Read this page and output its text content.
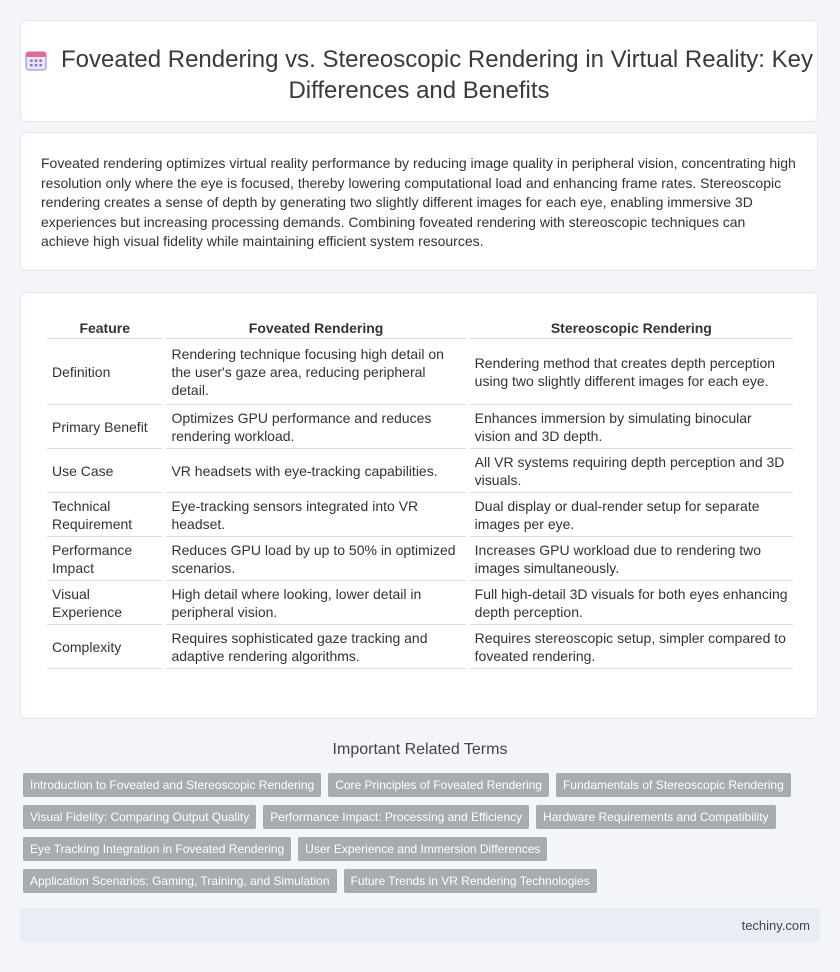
Foveated Rendering vs. Stereoscopic Rendering in Virtual Reality: Key Differences and Benefits

Foveated rendering optimizes virtual reality performance by reducing image quality in peripheral vision, concentrating high resolution only where the eye is focused, thereby lowering computational load and enhancing frame rates. Stereoscopic rendering creates a sense of depth by generating two slightly different images for each eye, enabling immersive 3D experiences but increasing processing demands. Combining foveated rendering with stereoscopic techniques can achieve high visual fidelity while maintaining efficient system resources.

Feature	Foveated Rendering	Stereoscopic Rendering
Definition	Rendering technique focusing high detail on the user's gaze area, reducing peripheral detail.	Rendering method that creates depth perception using two slightly different images for each eye.
Primary Benefit	Optimizes GPU performance and reduces rendering workload.	Enhances immersion by simulating binocular vision and 3D depth.
Use Case	VR headsets with eye-tracking capabilities.	All VR systems requiring depth perception and 3D visuals.
Technical Requirement	Eye-tracking sensors integrated into VR headset.	Dual display or dual-render setup for separate images per eye.
Performance Impact	Reduces GPU load by up to 50% in optimized scenarios.	Increases GPU workload due to rendering two images simultaneously.
Visual Experience	High detail where looking, lower detail in peripheral vision.	Full high-detail 3D visuals for both eyes enhancing depth perception.
Complexity	Requires sophisticated gaze tracking and adaptive rendering algorithms.	Requires stereoscopic setup, simpler compared to foveated rendering.
Important Related Terms
Introduction to Foveated and Stereoscopic Rendering	Core Principles of Foveated Rendering	Fundamentals of Stereoscopic Rendering
Visual Fidelity: Comparing Output Quality	Performance Impact: Processing and Efficiency	Hardware Requirements and Compatibility
Eye Tracking Integration in Foveated Rendering	User Experience and Immersion Differences
Application Scenarios: Gaming, Training, and Simulation	Future Trends in VR Rendering Technologies
techiny.com
